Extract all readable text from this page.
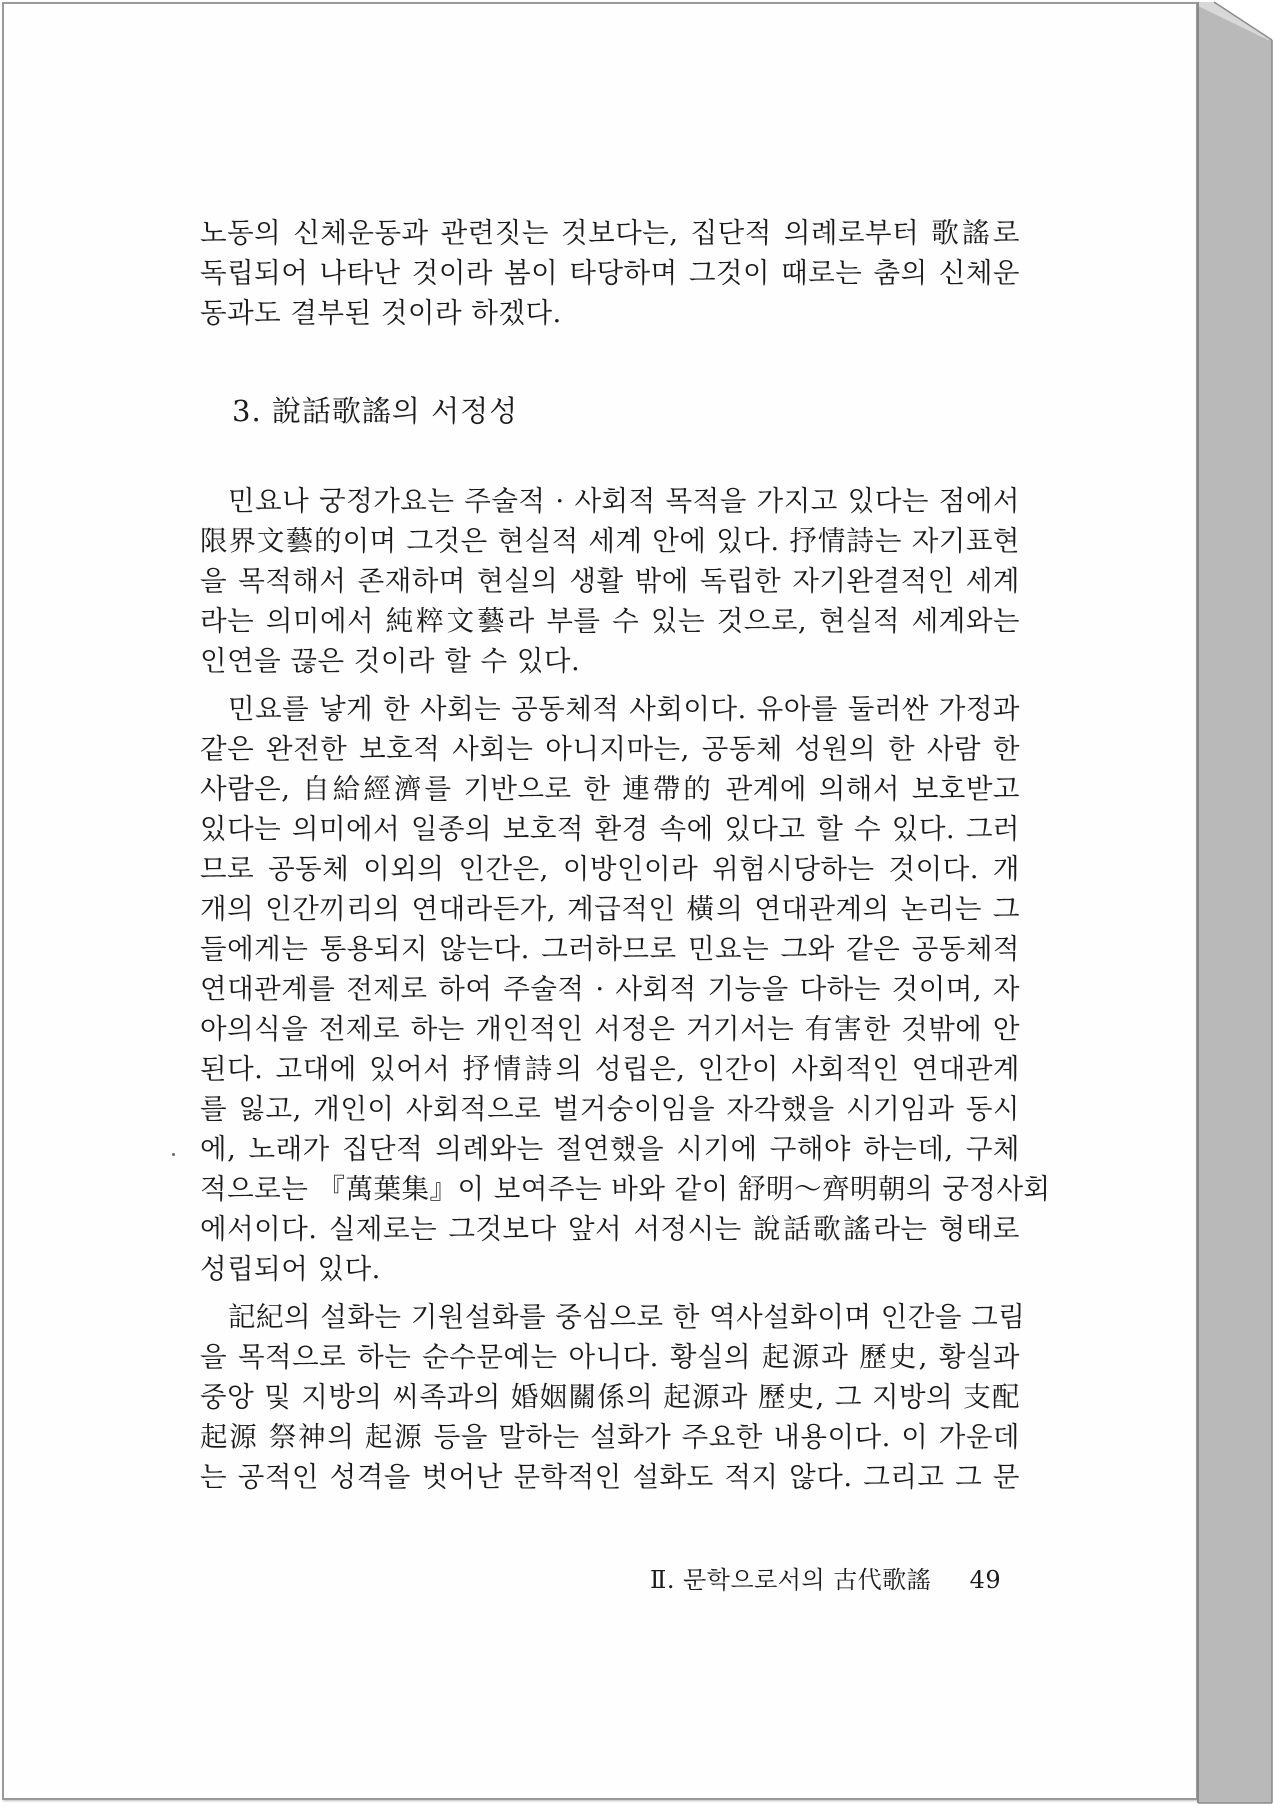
노동의 신체운동과 관련짓는 것보다는, 집단적 의례로부터 歌謠로
독립되어 나타난 것이라 봄이 타당하며 그것이 때로는 춤의 신체운
동과도 결부된 것이라 하겠다.
민요나 궁정가요는 주술적 · 사회적 목적을 가지고 있다는 점에서
限界文藝的이며 그것은 현실적 세계 안에 있다. 抒情詩는 자기표현
을 목적해서 존재하며 현실의 생활 밖에 독립한 자기완결적인 세계
라는 의미에서 純粹文藝라 부를 수 있는 것으로, 현실적 세계와는
인연을 끊은 것이라 할 수 있다.
민요를 낳게 한 사회는 공동체적 사회이다. 유아를 둘러싼 가정과
같은 완전한 보호적 사회는 아니지마는, 공동체 성원의 한 사람 한
사람은, 自給經濟를 기반으로 한 連帶的 관계에 의해서 보호받고
있다는 의미에서 일종의 보호적 환경 속에 있다고 할 수 있다. 그러
므로 공동체 이외의 인간은, 이방인이라 위험시당하는 것이다. 개
개의 인간끼리의 연대라든가, 계급적인 橫의 연대관계의 논리는 그
들에게는 통용되지 않는다. 그러하므로 민요는 그와 같은 공동체적
연대관계를 전제로 하여 주술적 · 사회적 기능을 다하는 것이며, 자
아의식을 전제로 하는 개인적인 서정은 거기서는 有害한 것밖에 안
된다. 고대에 있어서 抒情詩의 성립은, 인간이 사회적인 연대관계
를 잃고, 개인이 사회적으로 벌거숭이임을 자각했을 시기임과 동시
에, 노래가 집단적 의례와는 절연했을 시기에 구해야 하는데, 구체
적으로는 『萬葉集』이 보여주는 바와 같이 舒明～齊明朝의 궁정사회
에서이다. 실제로는 그것보다 앞서 서정시는 說話歌謠라는 형태로
성립되어 있다.
記紀의 설화는 기원설화를 중심으로 한 역사설화이며 인간을 그림
을 목적으로 하는 순수문예는 아니다. 황실의 起源과 歷史, 황실과
중앙 및 지방의 씨족과의 婚姻關係의 起源과 歷史, 그 지방의 支配
起源 祭神의 起源 등을 말하는 설화가 주요한 내용이다. 이 가운데
는 공적인 성격을 벗어난 문학적인 설화도 적지 않다. 그리고 그 문
3. 說話歌謠의 서정성
Ⅱ. 문학으로서의 古代歌謠 49
